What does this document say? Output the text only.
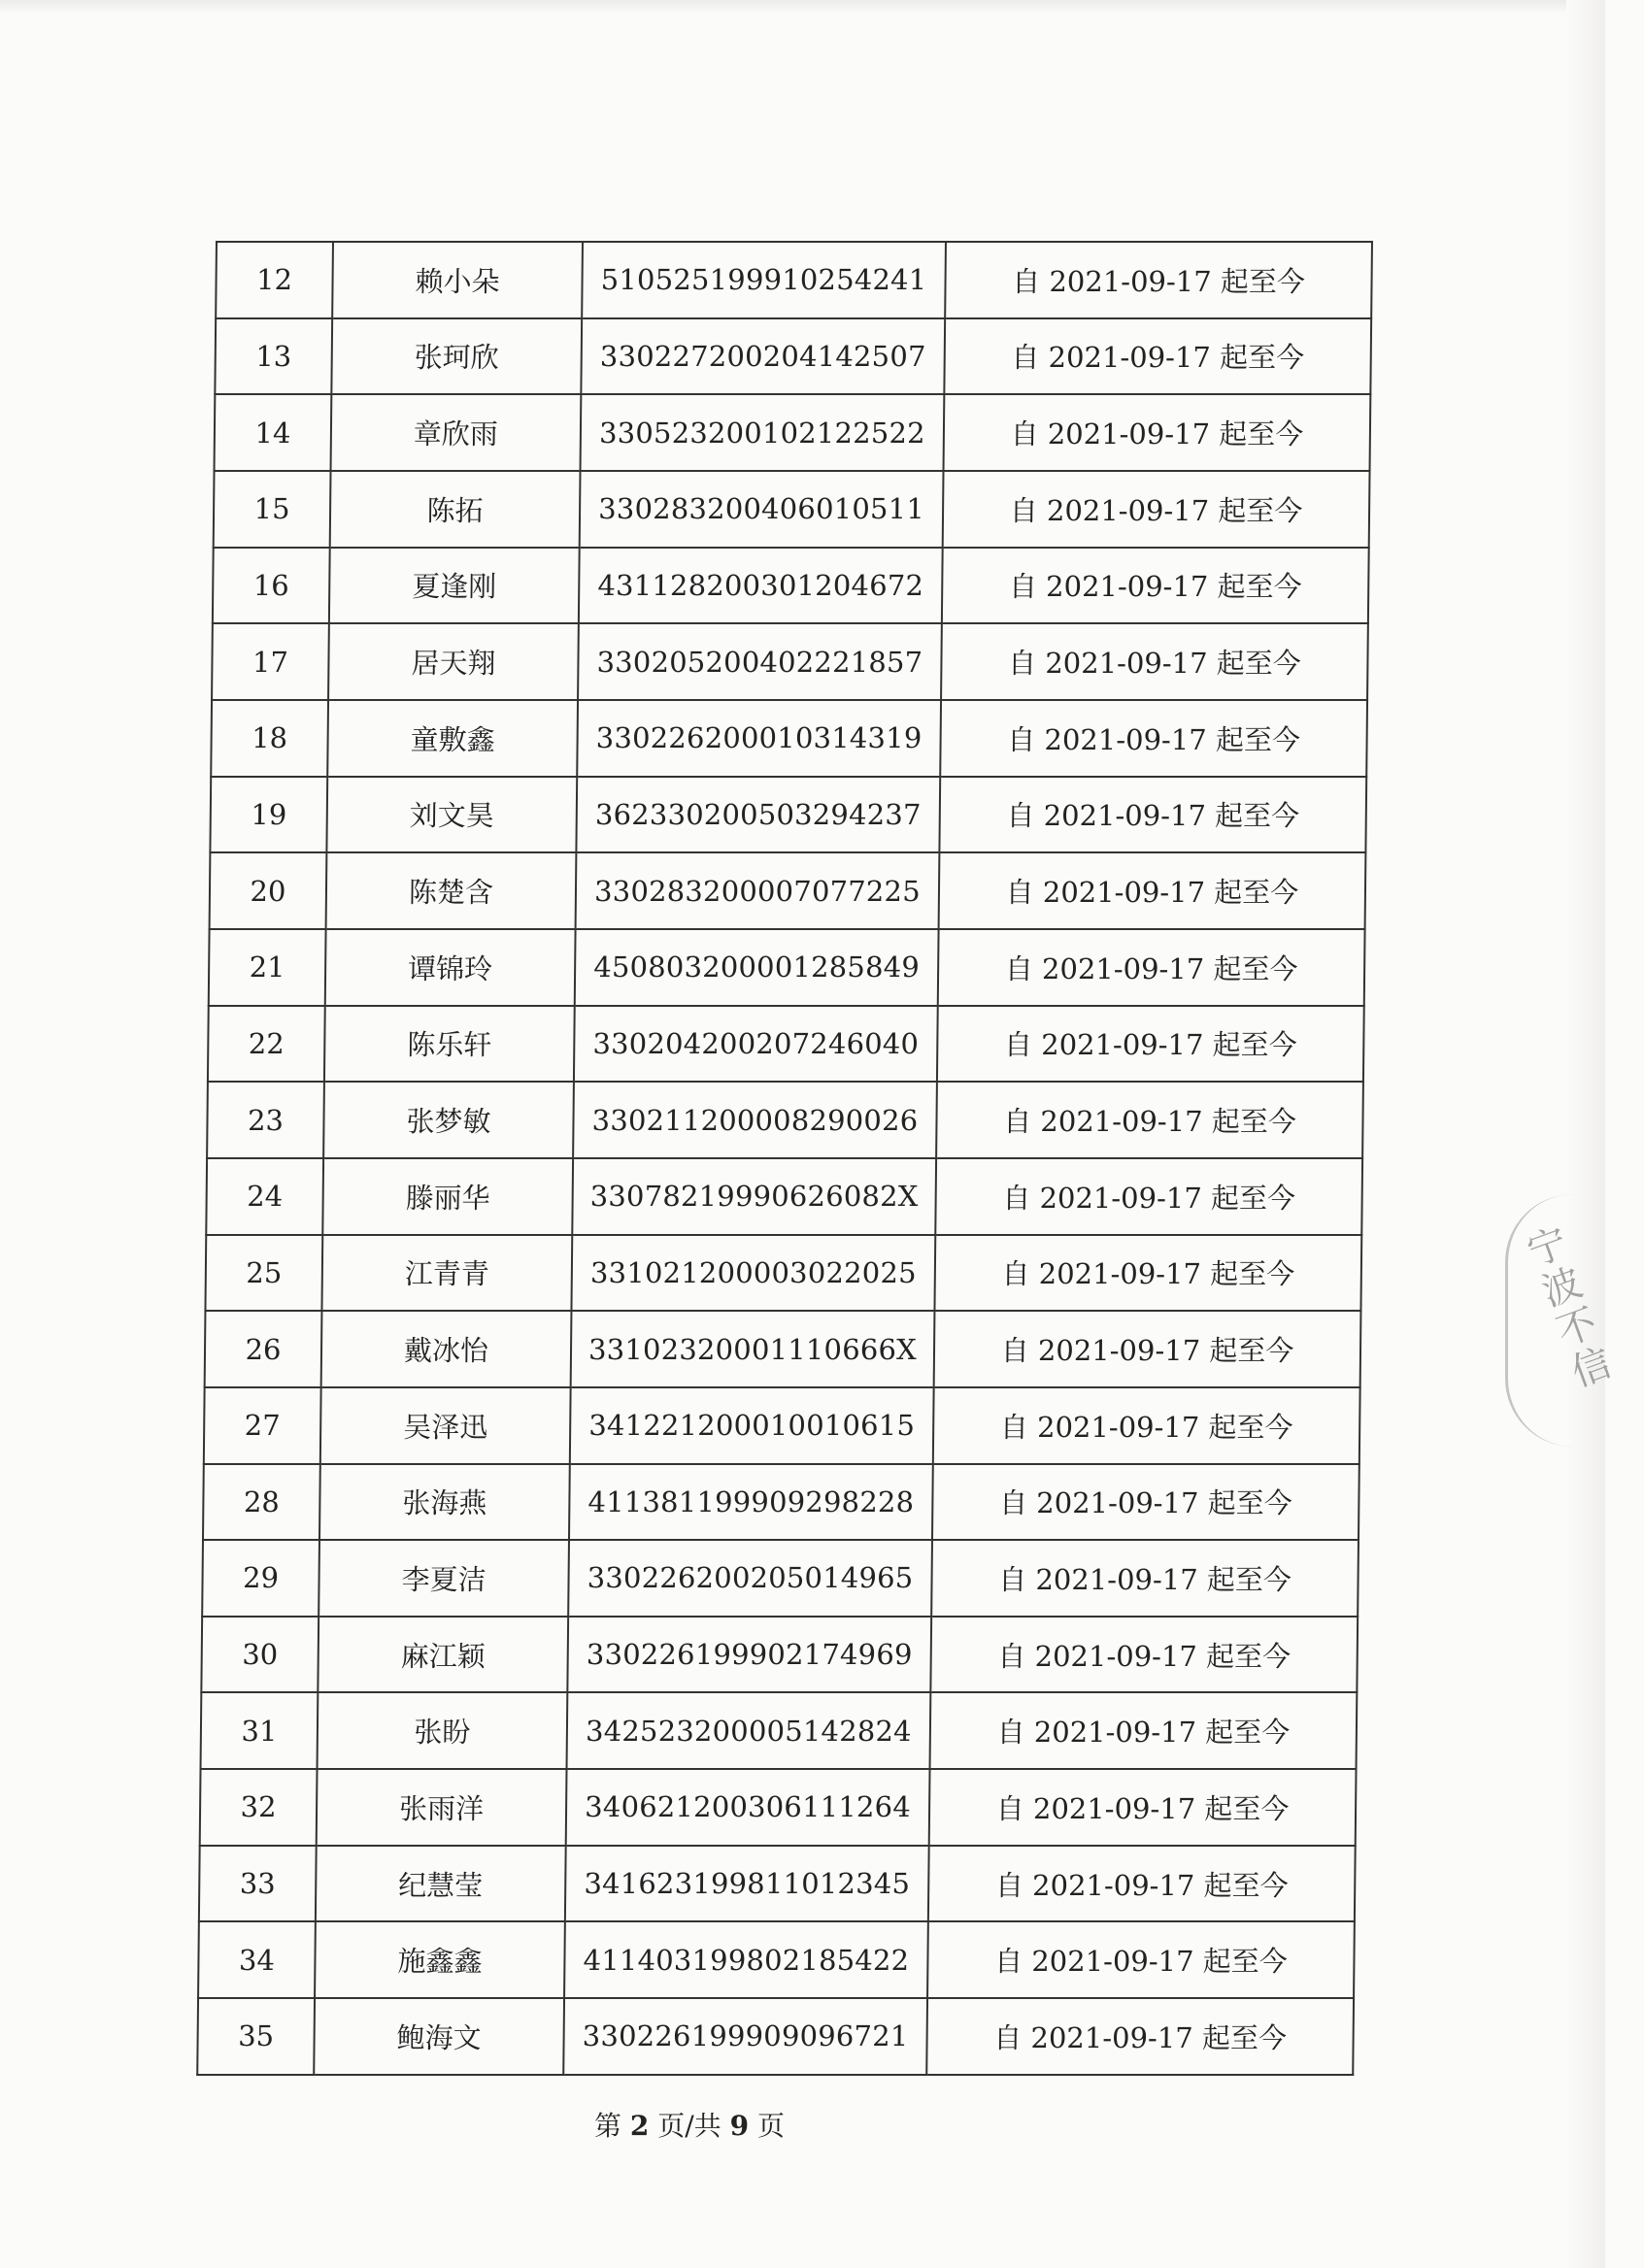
12	赖小朵	510525199910254241	自 2021-09-17 起至今
13	张珂欣	330227200204142507	自 2021-09-17 起至今
14	章欣雨	330523200102122522	自 2021-09-17 起至今
15	陈拓	330283200406010511	自 2021-09-17 起至今
16	夏逢刚	431128200301204672	自 2021-09-17 起至今
17	居天翔	330205200402221857	自 2021-09-17 起至今
18	童敷鑫	330226200010314319	自 2021-09-17 起至今
19	刘文昊	362330200503294237	自 2021-09-17 起至今
20	陈楚含	330283200007077225	自 2021-09-17 起至今
21	谭锦玲	450803200001285849	自 2021-09-17 起至今
22	陈乐轩	330204200207246040	自 2021-09-17 起至今
23	张梦敏	330211200008290026	自 2021-09-17 起至今
24	滕丽华	33078219990626082X	自 2021-09-17 起至今
25	江青青	331021200003022025	自 2021-09-17 起至今
26	戴冰怡	33102320001110666X	自 2021-09-17 起至今
27	吴泽迅	341221200010010615	自 2021-09-17 起至今
28	张海燕	411381199909298228	自 2021-09-17 起至今
29	李夏洁	330226200205014965	自 2021-09-17 起至今
30	麻江颖	330226199902174969	自 2021-09-17 起至今
31	张盼	342523200005142824	自 2021-09-17 起至今
32	张雨洋	340621200306111264	自 2021-09-17 起至今
33	纪慧莹	341623199811012345	自 2021-09-17 起至今
34	施鑫鑫	411403199802185422	自 2021-09-17 起至今
35	鲍海文	330226199909096721	自 2021-09-17 起至今
第 2 页/共 9 页
宁波不信
